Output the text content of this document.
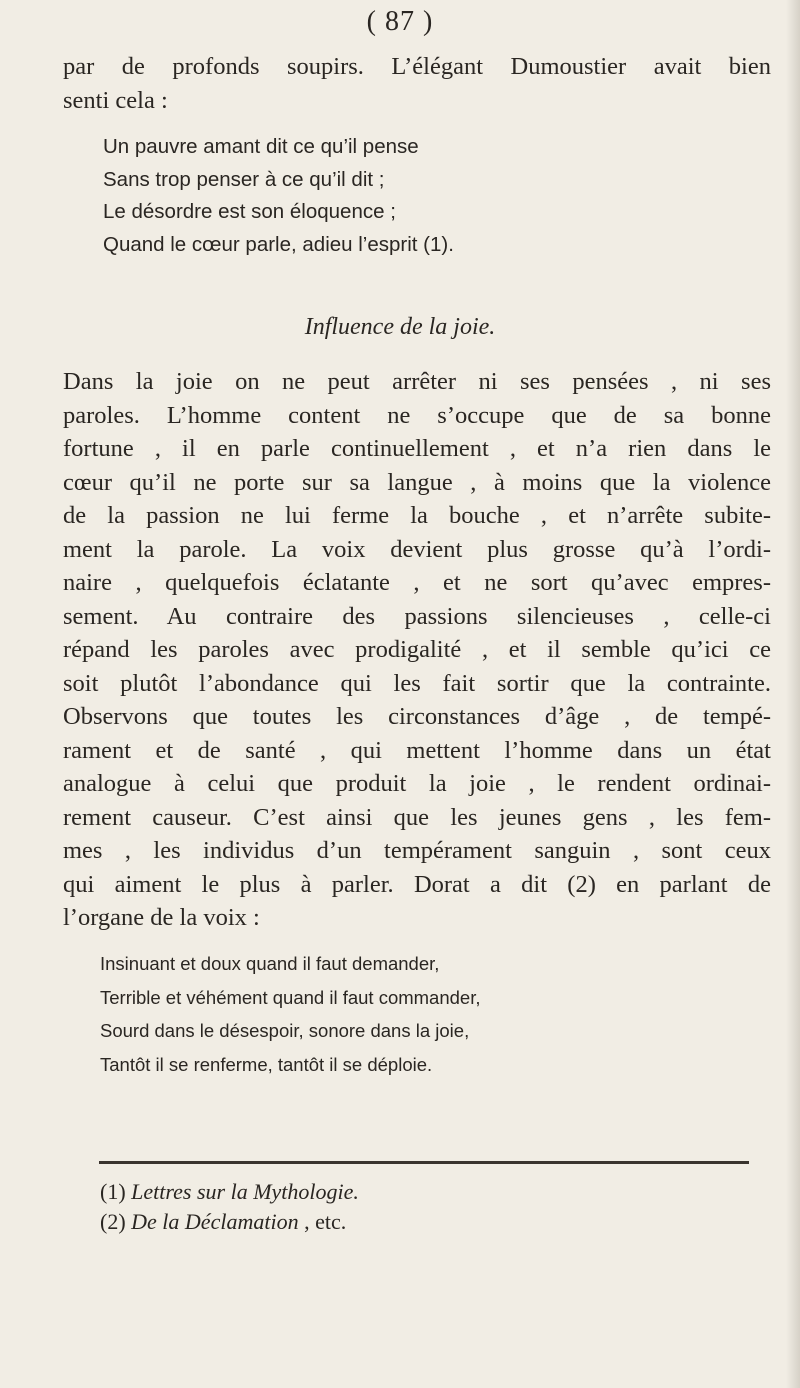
( 87 )
par de profonds soupirs. L’élégant Dumoustier avait bien
senti cela :
Un pauvre amant dit ce qu’il pense
Sans trop penser à ce qu’il dit ;
Le désordre est son éloquence ;
Quand le cœur parle, adieu l’esprit (1).
Influence de la joie.
Dans la joie on ne peut arrêter ni ses pensées , ni ses
paroles. L’homme content ne s’occupe que de sa bonne
fortune , il en parle continuellement , et n’a rien dans le
cœur qu’il ne porte sur sa langue , à moins que la violence
de la passion ne lui ferme la bouche , et n’arrête subite-
ment la parole. La voix devient plus grosse qu’à l’ordi-
naire , quelquefois éclatante , et ne sort qu’avec empres-
sement. Au contraire des passions silencieuses , celle-ci
répand les paroles avec prodigalité , et il semble qu’ici ce
soit plutôt l’abondance qui les fait sortir que la contrainte.
Observons que toutes les circonstances d’âge , de tempé-
rament et de santé , qui mettent l’homme dans un état
analogue à celui que produit la joie , le rendent ordinai-
rement causeur. C’est ainsi que les jeunes gens , les fem-
mes , les individus d’un tempérament sanguin , sont ceux
qui aiment le plus à parler. Dorat a dit (2) en parlant de
l’organe de la voix :
Insinuant et doux quand il faut demander,
Terrible et véhément quand il faut commander,
Sourd dans le désespoir, sonore dans la joie,
Tantôt il se renferme, tantôt il se déploie.
(1) Lettres sur la Mythologie.
(2) De la Déclamation , etc.
